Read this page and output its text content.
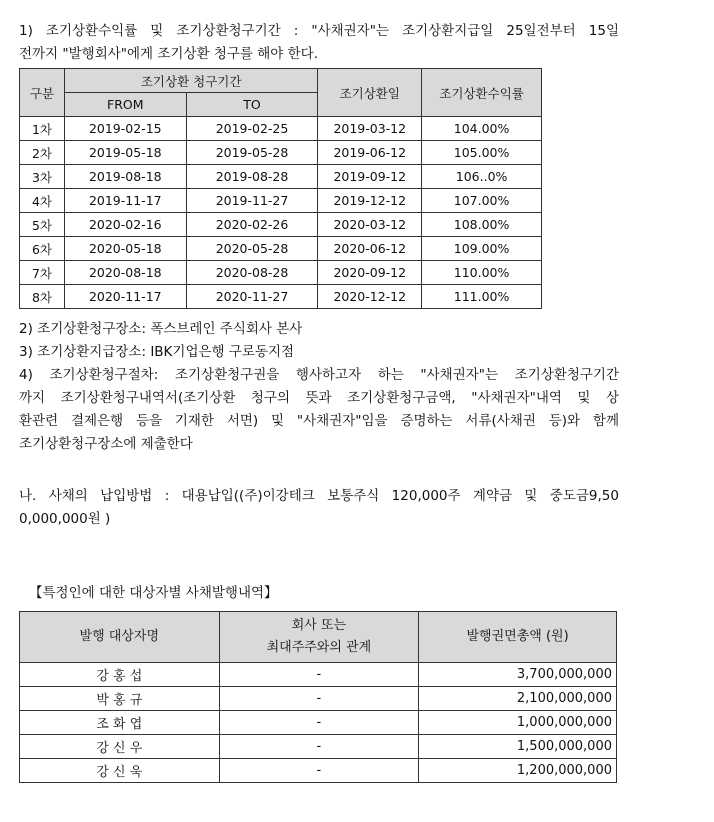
1) 조기상환수익률 및 조기상환청구기간 : "사채권자"는 조기상환지급일 25일전부터 15일
전까지 "발행회사"에게 조기상환 청구를 해야 한다.
구분	조기상환 청구기간		조기상환일	조기상환수익률
	FROM	TO		
1차	2019-02-15	2019-02-25	2019-03-12	104.00%
2차	2019-05-18	2019-05-28	2019-06-12	105.00%
3차	2019-08-18	2019-08-28	2019-09-12	106..0%
4차	2019-11-17	2019-11-27	2019-12-12	107.00%
5차	2020-02-16	2020-02-26	2020-03-12	108.00%
6차	2020-05-18	2020-05-28	2020-06-12	109.00%
7차	2020-08-18	2020-08-28	2020-09-12	110.00%
8차	2020-11-17	2020-11-27	2020-12-12	111.00%
2) 조기상환청구장소: 폭스브레인 주식회사 본사
3) 조기상환지급장소: IBK기업은행 구로동지점
4) 조기상환청구절차: 조기상환청구권을 행사하고자 하는 "사채권자"는 조기상환청구기간
까지 조기상환청구내역서(조기상환 청구의 뜻과 조기상환청구금액, "사채권자"내역 및 상
환관련 결제은행 등을 기재한 서면) 및 "사채권자"임을 증명하는 서류(사채권 등)와 함께
조기상환청구장소에 제출한다
나. 사채의 납입방법 : 대용납입((주)이강테크 보통주식 120,000주 계약금 및 중도금9,50
0,000,000원 )
【특정인에 대한 대상자별 사채발행내역】
발행 대상자명	회사 또는
최대주주와의 관계	발행권면총액 (원)
강 홍 섭	-	3,700,000,000
박 홍 규	-	2,100,000,000
조 화 엽	-	1,000,000,000
강 신 우	-	1,500,000,000
강 신 욱	-	1,200,000,000
